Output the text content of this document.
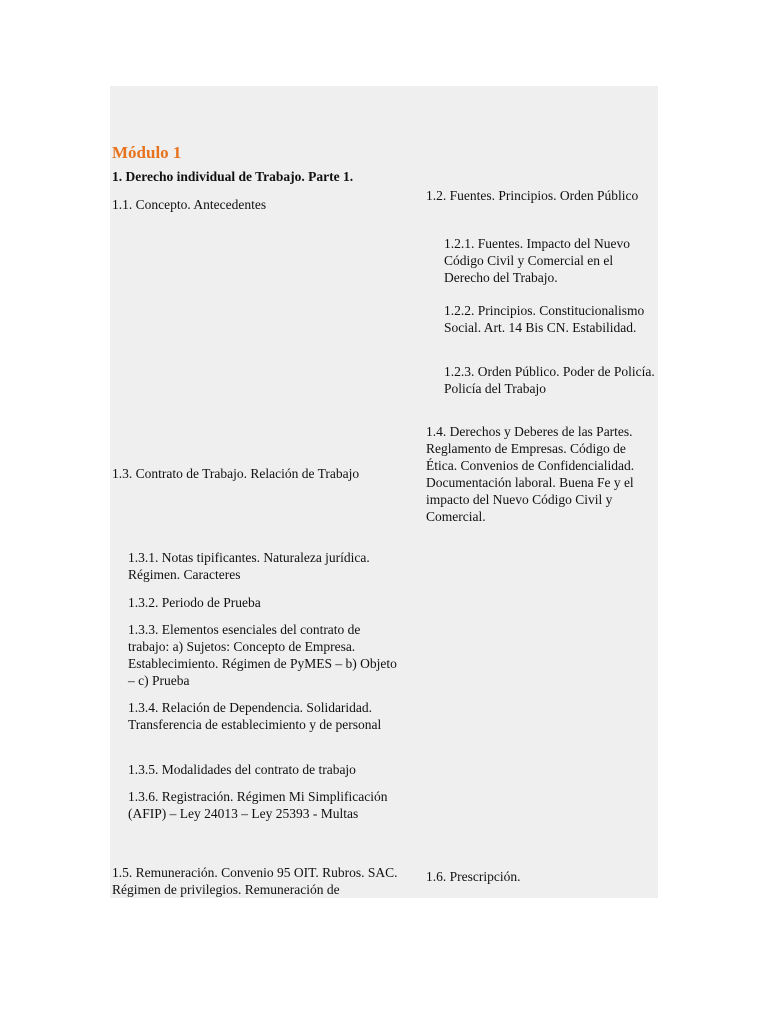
Módulo 1
1. Derecho individual de Trabajo. Parte 1.
1.1. Concepto. Antecedentes
1.3. Contrato de Trabajo. Relación de Trabajo
1.3.1. Notas tipificantes. Naturaleza jurídica. Régimen. Caracteres
1.3.2. Periodo de Prueba
1.3.3. Elementos esenciales del contrato de trabajo: a) Sujetos: Concepto de Empresa. Establecimiento. Régimen de PyMES – b) Objeto – c) Prueba
1.3.4. Relación de Dependencia. Solidaridad. Transferencia de establecimiento y de personal
1.3.5. Modalidades del contrato de trabajo
1.3.6. Registración. Régimen Mi Simplificación (AFIP) – Ley 24013 – Ley 25393 - Multas
1.5. Remuneración. Convenio 95 OIT. Rubros. SAC. Régimen de privilegios. Remuneración de
1.2. Fuentes. Principios. Orden Público
1.2.1. Fuentes. Impacto del Nuevo Código Civil y Comercial en el Derecho del Trabajo.
1.2.2. Principios. Constitucionalismo Social. Art. 14 Bis CN. Estabilidad.
1.2.3. Orden Público. Poder de Policía. Policía del Trabajo
1.4. Derechos y Deberes de las Partes. Reglamento de Empresas. Código de Ética. Convenios de Confidencialidad. Documentación laboral. Buena Fe y el impacto del Nuevo Código Civil y Comercial.
1.6. Prescripción.
